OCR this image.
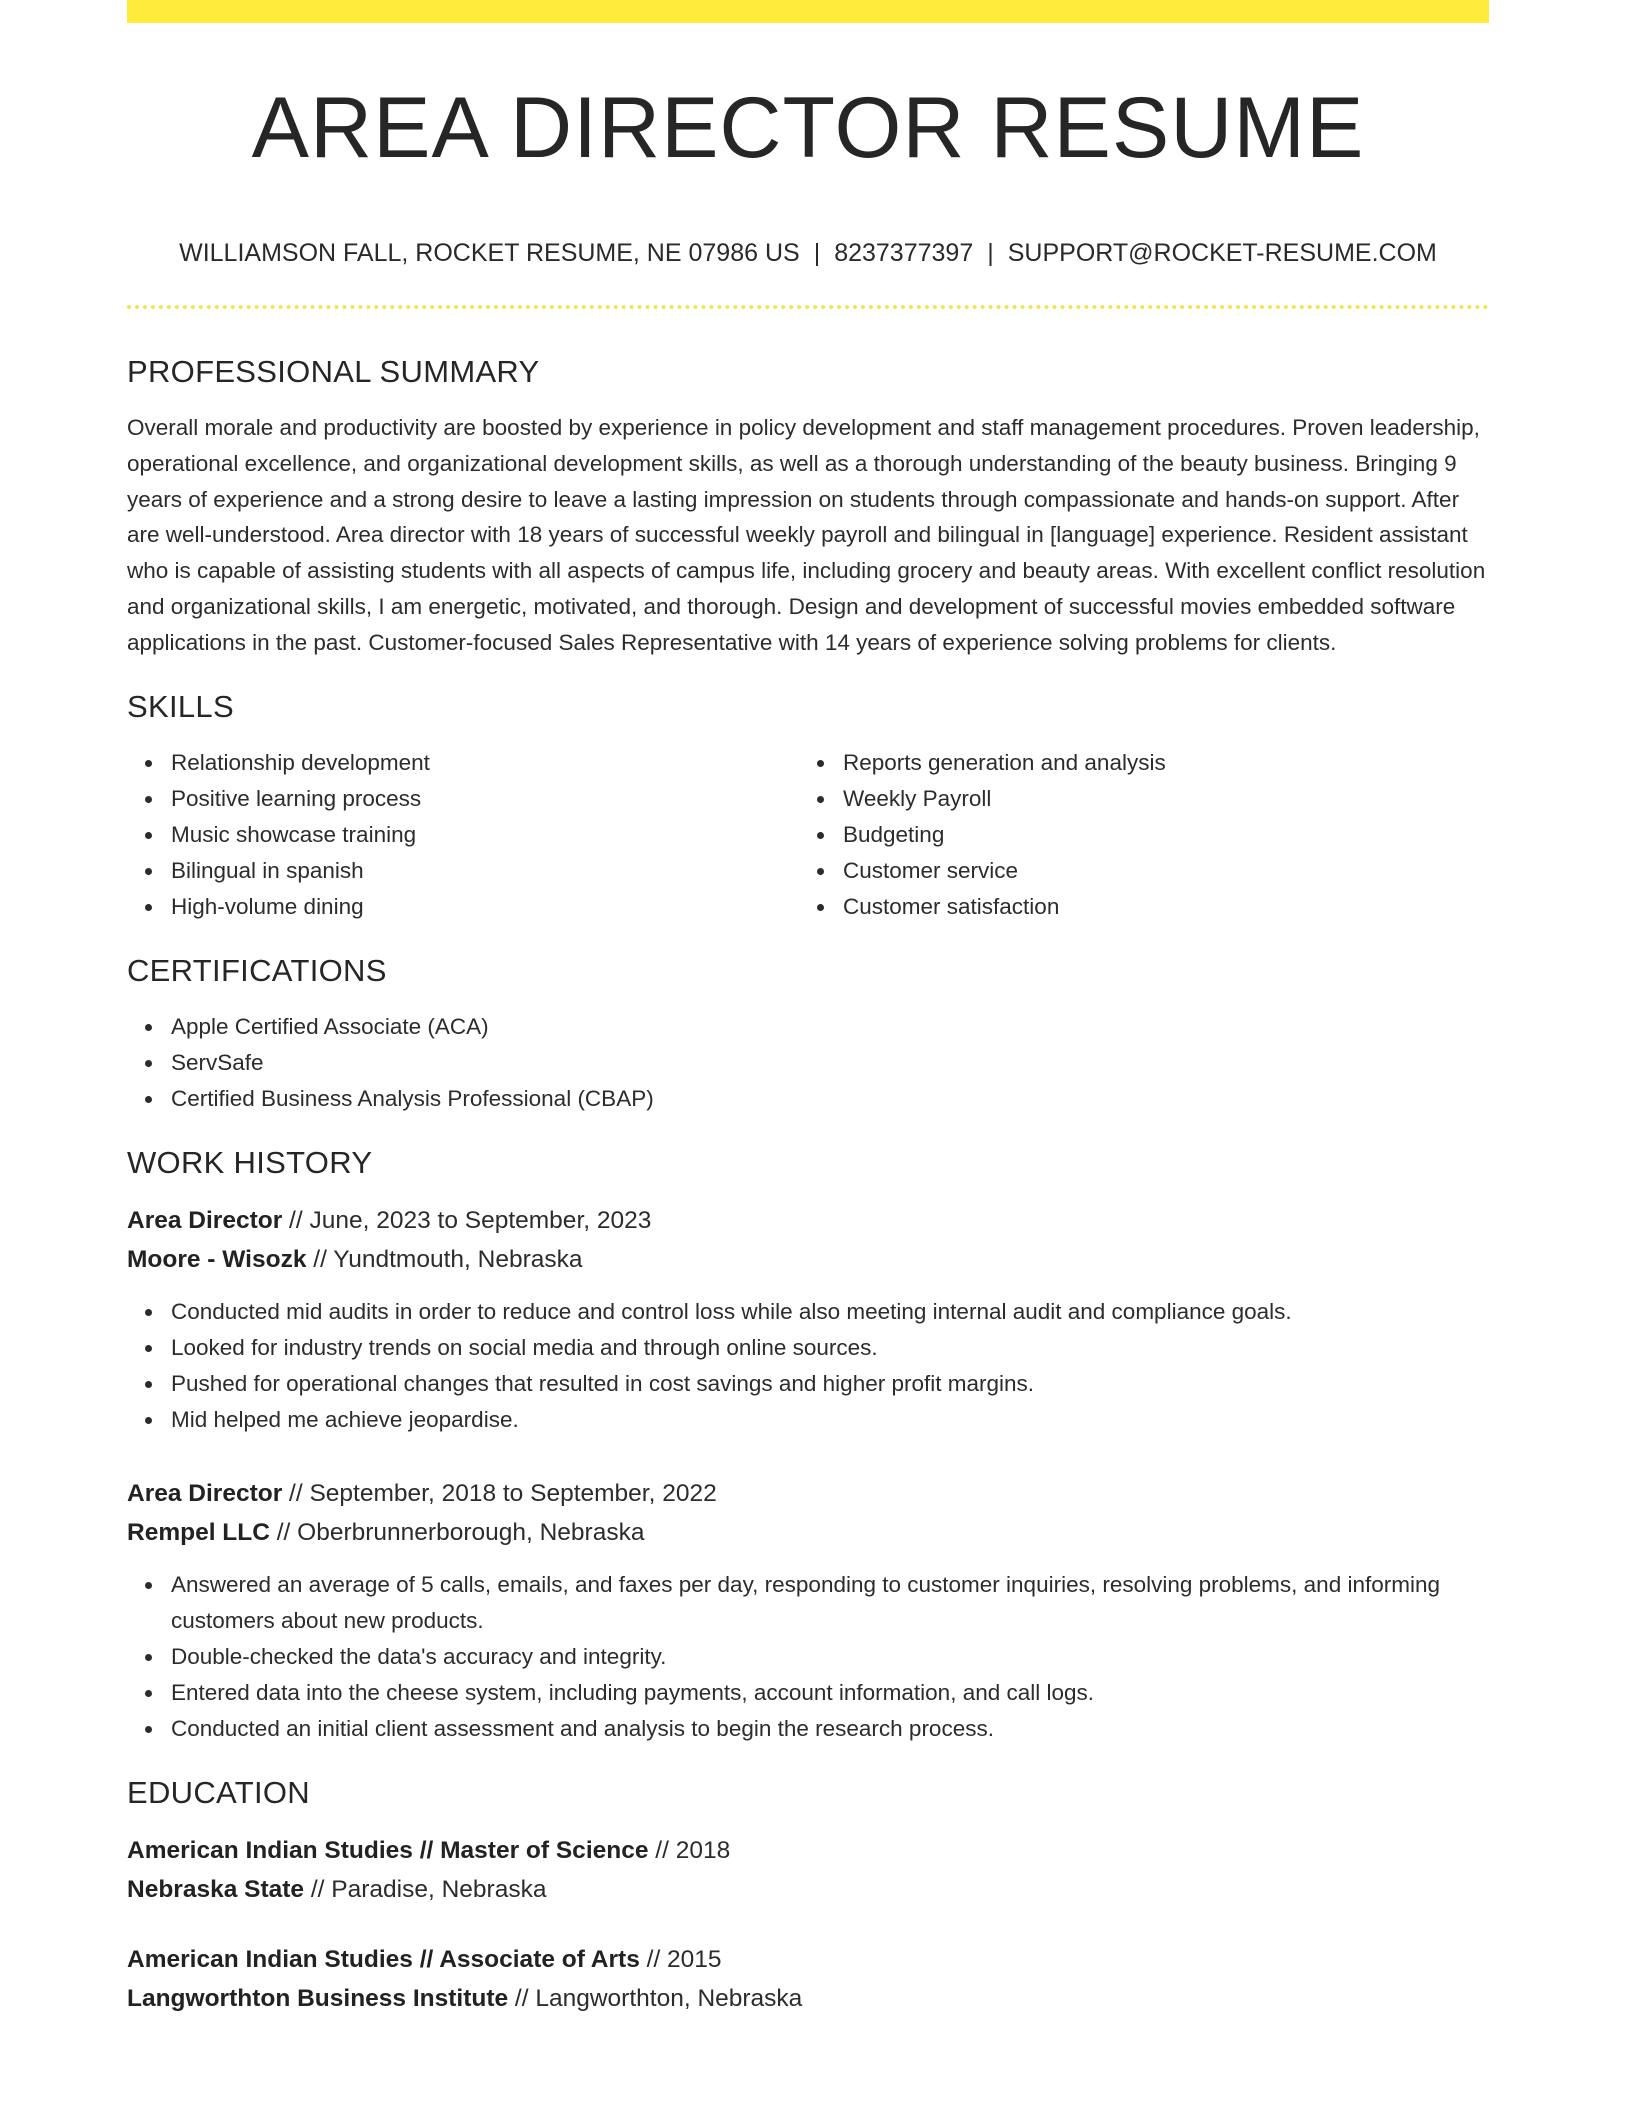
AREA DIRECTOR RESUME
WILLIAMSON FALL, ROCKET RESUME, NE 07986 US | 8237377397 | SUPPORT@ROCKET-RESUME.COM
PROFESSIONAL SUMMARY

Overall morale and productivity are boosted by experience in policy development and staff management procedures. Proven leadership, operational excellence, and organizational development skills, as well as a thorough understanding of the beauty business. Bringing 9 years of experience and a strong desire to leave a lasting impression on students through compassionate and hands-on support. After are well-understood. Area director with 18 years of successful weekly payroll and bilingual in [language] experience. Resident assistant who is capable of assisting students with all aspects of campus life, including grocery and beauty areas. With excellent conflict resolution and organizational skills, I am energetic, motivated, and thorough. Design and development of successful movies embedded software applications in the past. Customer-focused Sales Representative with 14 years of experience solving problems for clients.

SKILLS
Relationship development
Positive learning process
Music showcase training
Bilingual in spanish
High-volume dining
Reports generation and analysis
Weekly Payroll
Budgeting
Customer service
Customer satisfaction
CERTIFICATIONS
Apple Certified Associate (ACA)
ServSafe
Certified Business Analysis Professional (CBAP)
WORK HISTORY
Area Director // June, 2023 to September, 2023
Moore - Wisozk // Yundtmouth, Nebraska
Conducted mid audits in order to reduce and control loss while also meeting internal audit and compliance goals.
Looked for industry trends on social media and through online sources.
Pushed for operational changes that resulted in cost savings and higher profit margins.
Mid helped me achieve jeopardise.
Area Director // September, 2018 to September, 2022
Rempel LLC // Oberbrunnerborough, Nebraska
Answered an average of 5 calls, emails, and faxes per day, responding to customer inquiries, resolving problems, and informing customers about new products.
Double-checked the data's accuracy and integrity.
Entered data into the cheese system, including payments, account information, and call logs.
Conducted an initial client assessment and analysis to begin the research process.
EDUCATION
American Indian Studies // Master of Science // 2018
Nebraska State // Paradise, Nebraska
American Indian Studies // Associate of Arts // 2015
Langworthton Business Institute // Langworthton, Nebraska
